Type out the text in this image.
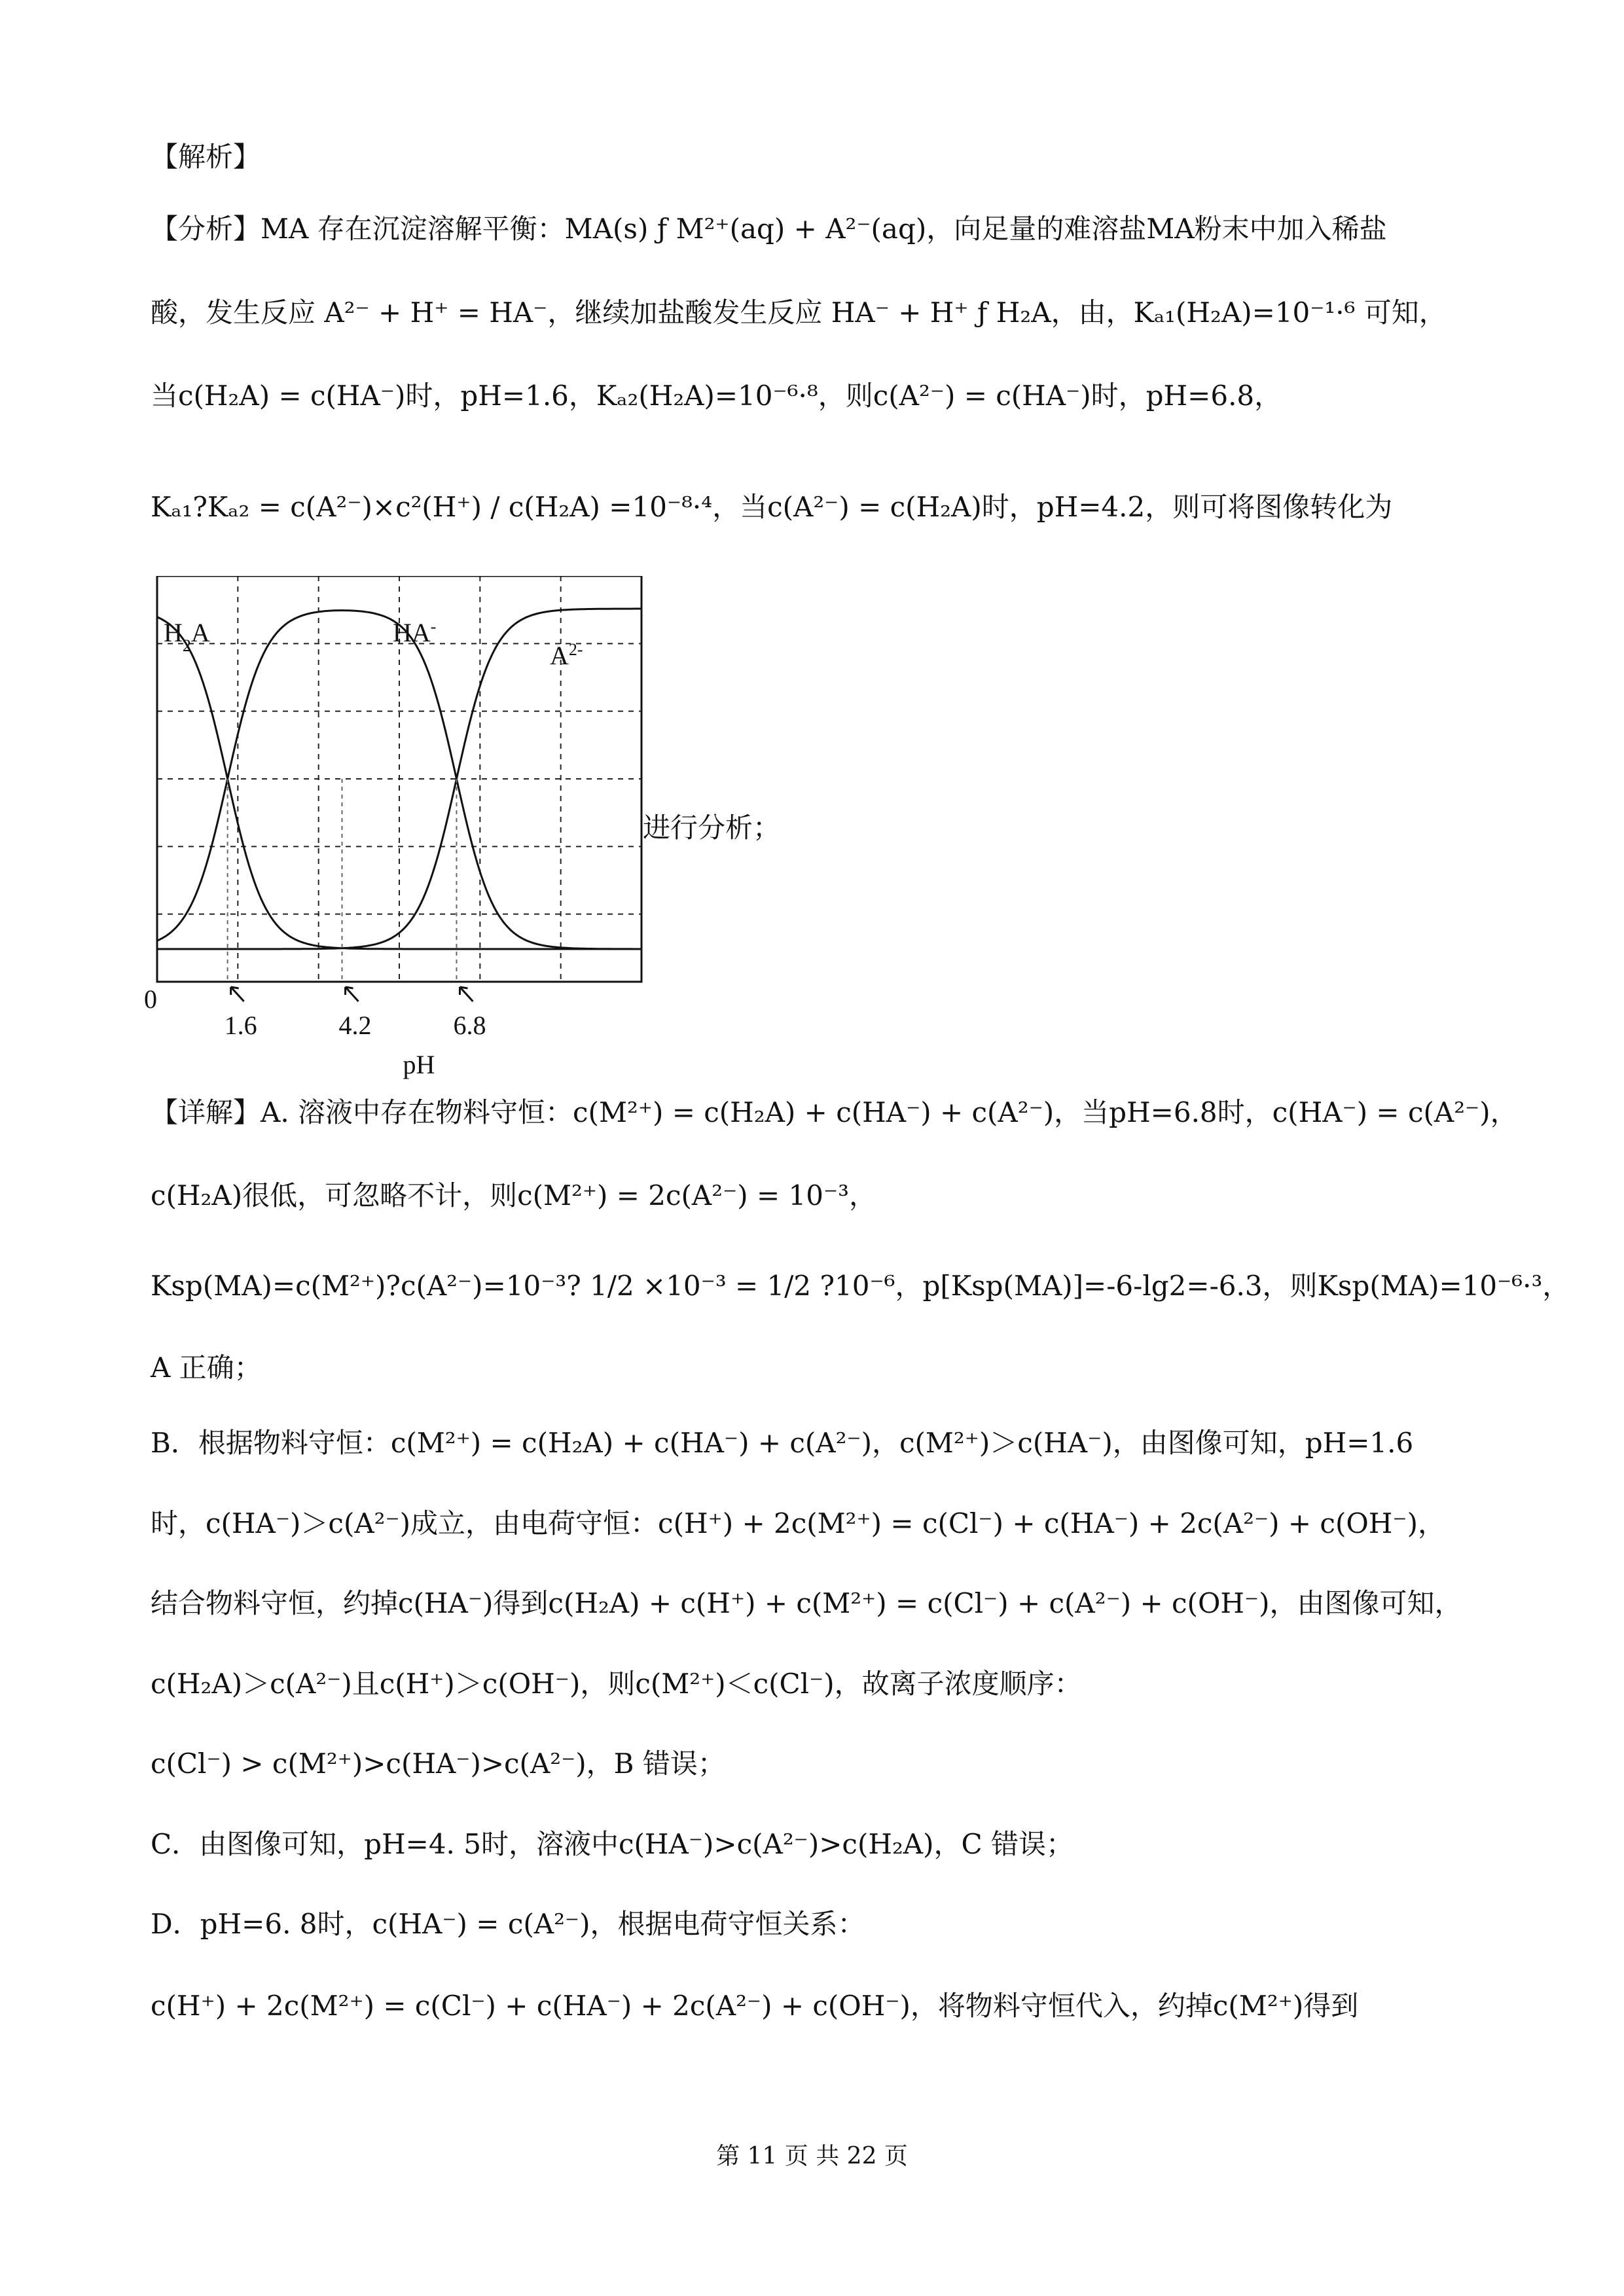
【解析】
【分析】MA 存在沉淀溶解平衡：MA(s) ƒ M²⁺(aq) + A²⁻(aq)，向足量的难溶盐MA粉末中加入稀盐
酸，发生反应 A²⁻ + H⁺ = HA⁻，继续加盐酸发生反应 HA⁻ + H⁺ ƒ H₂A，由，Kₐ₁(H₂A)=10⁻¹·⁶ 可知，
当c(H₂A) = c(HA⁻)时，pH=1.6，Kₐ₂(H₂A)=10⁻⁶·⁸，则c(A²⁻) = c(HA⁻)时，pH=6.8，
Kₐ₁?Kₐ₂ = c(A²⁻)×c²(H⁺) / c(H₂A) =10⁻⁸·⁴，当c(A²⁻) = c(H₂A)时，pH=4.2，则可将图像转化为
$H_2A$	HA-
$A^{2-}$
0
1.6	4.2	6.8
pH
进行分析；
【详解】A. 溶液中存在物料守恒：c(M²⁺) = c(H₂A) + c(HA⁻) + c(A²⁻)，当pH=6.8时，c(HA⁻) = c(A²⁻)，
c(H₂A)很低，可忽略不计，则c(M²⁺) = 2c(A²⁻) = 10⁻³，
Ksp(MA)=c(M²⁺)?c(A²⁻)=10⁻³? 1/2 ×10⁻³ = 1/2 ?10⁻⁶，p[Ksp(MA)]=-6-lg2=-6.3，则Ksp(MA)=10⁻⁶·³，
A 正确；
B．根据物料守恒：c(M²⁺) = c(H₂A) + c(HA⁻) + c(A²⁻)，c(M²⁺)＞c(HA⁻)，由图像可知，pH=1.6
时，c(HA⁻)＞c(A²⁻)成立，由电荷守恒：c(H⁺) + 2c(M²⁺) = c(Cl⁻) + c(HA⁻) + 2c(A²⁻) + c(OH⁻)，
结合物料守恒，约掉c(HA⁻)得到c(H₂A) + c(H⁺) + c(M²⁺) = c(Cl⁻) + c(A²⁻) + c(OH⁻)，由图像可知，
c(H₂A)＞c(A²⁻)且c(H⁺)＞c(OH⁻)，则c(M²⁺)＜c(Cl⁻)，故离子浓度顺序：
c(Cl⁻) > c(M²⁺)>c(HA⁻)>c(A²⁻)，B 错误；
C．由图像可知，pH=4. 5时，溶液中c(HA⁻)>c(A²⁻)>c(H₂A)，C 错误；
D．pH=6. 8时，c(HA⁻) = c(A²⁻)，根据电荷守恒关系：
c(H⁺) + 2c(M²⁺) = c(Cl⁻) + c(HA⁻) + 2c(A²⁻) + c(OH⁻)，将物料守恒代入，约掉c(M²⁺)得到
第 11 页 共 22 页
